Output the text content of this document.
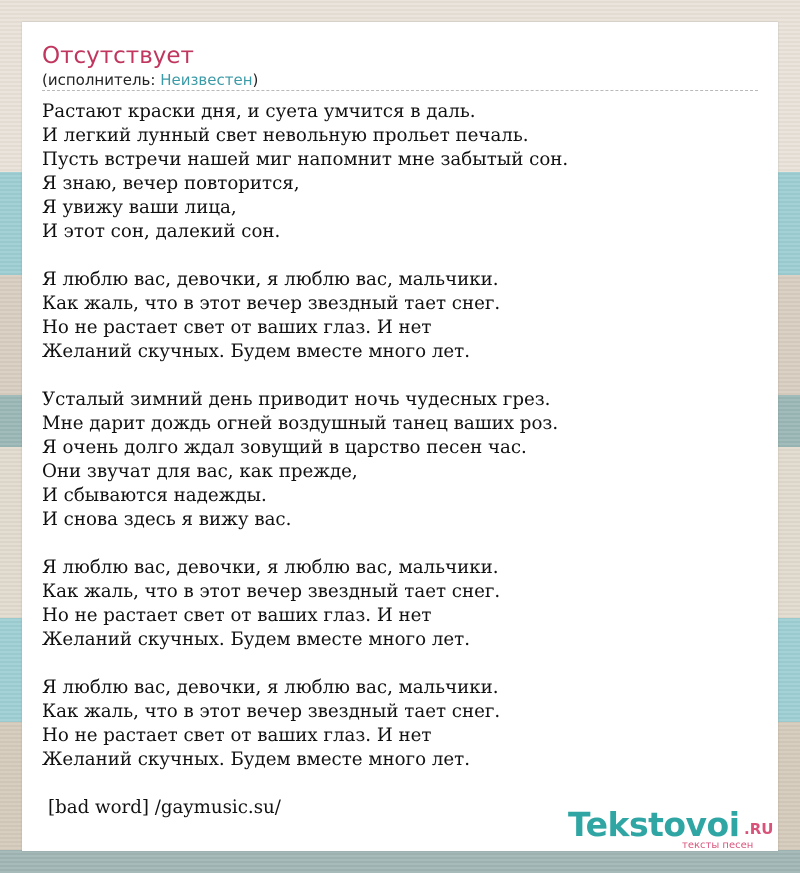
Отсутствует
(исполнитель: Неизвестен)
Растают краски дня, и суета умчится в даль.
И легкий лунный свет невольную прольет печаль.
Пусть встречи нашей миг напомнит мне забытый сон.
Я знаю, вечер повторится,
Я увижу ваши лица,
И этот сон, далекий сон.
Я люблю вас, девочки, я люблю вас, мальчики.
Как жаль, что в этот вечер звездный тает снег.
Но не растает свет от ваших глаз. И нет
Желаний скучных. Будем вместе много лет.
Усталый зимний день приводит ночь чудесных грез.
Мне дарит дождь огней воздушный танец ваших роз.
Я очень долго ждал зовущий в царство песен час.
Они звучат для вас, как прежде,
И сбываются надежды.
И снова здесь я вижу вас.
Я люблю вас, девочки, я люблю вас, мальчики.
Как жаль, что в этот вечер звездный тает снег.
Но не растает свет от ваших глаз. И нет
Желаний скучных. Будем вместе много лет.
Я люблю вас, девочки, я люблю вас, мальчики.
Как жаль, что в этот вечер звездный тает снег.
Но не растает свет от ваших глаз. И нет
Желаний скучных. Будем вместе много лет.
[bad word] /gaymusic.su/	Tekstovoi .RU
тексты песен
